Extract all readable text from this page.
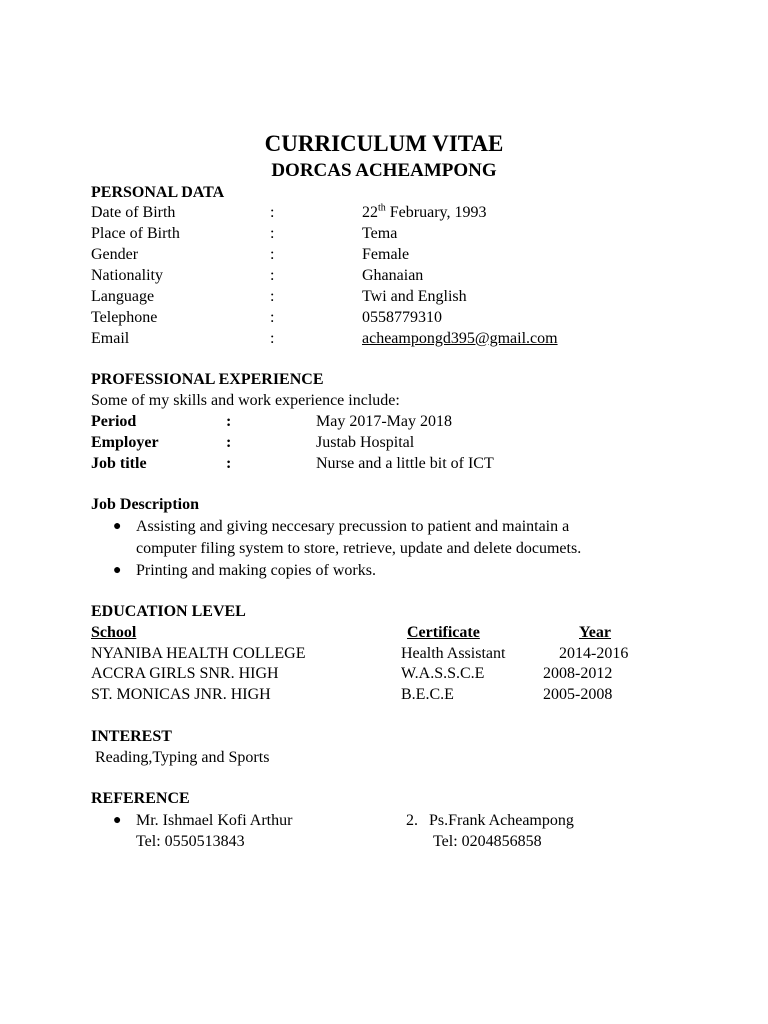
CURRICULUM VITAE
DORCAS ACHEAMPONG
PERSONAL DATA
Date of Birth	:	22th February, 1993
Place of Birth	:	Tema
Gender	:	Female
Nationality	:	Ghanaian
Language	:	Twi and English
Telephone	:	0558779310
Email	:	acheampongd395@gmail.com
PROFESSIONAL EXPERIENCE
Some of my skills and work experience include:
Period	:	May 2017-May 2018
Employer	:	Justab Hospital
Job title	:	Nurse and a little bit of ICT
Job Description
● Assisting and giving neccesary precussion to patient and maintain a
computer filing system to store, retrieve, update and delete documets.
● Printing and making copies of works.
EDUCATION LEVEL
School	Certificate	Year
NYANIBA HEALTH COLLEGE	Health Assistant	2014-2016
ACCRA GIRLS SNR. HIGH	W.A.S.S.C.E	2008-2012
ST. MONICAS JNR. HIGH	B.E.C.E	2005-2008
INTEREST
Reading,Typing and Sports
REFERENCE
● Mr. Ishmael Kofi Arthur
Tel: 0550513843
2. Ps.Frank Acheampong
Tel: 0204856858
